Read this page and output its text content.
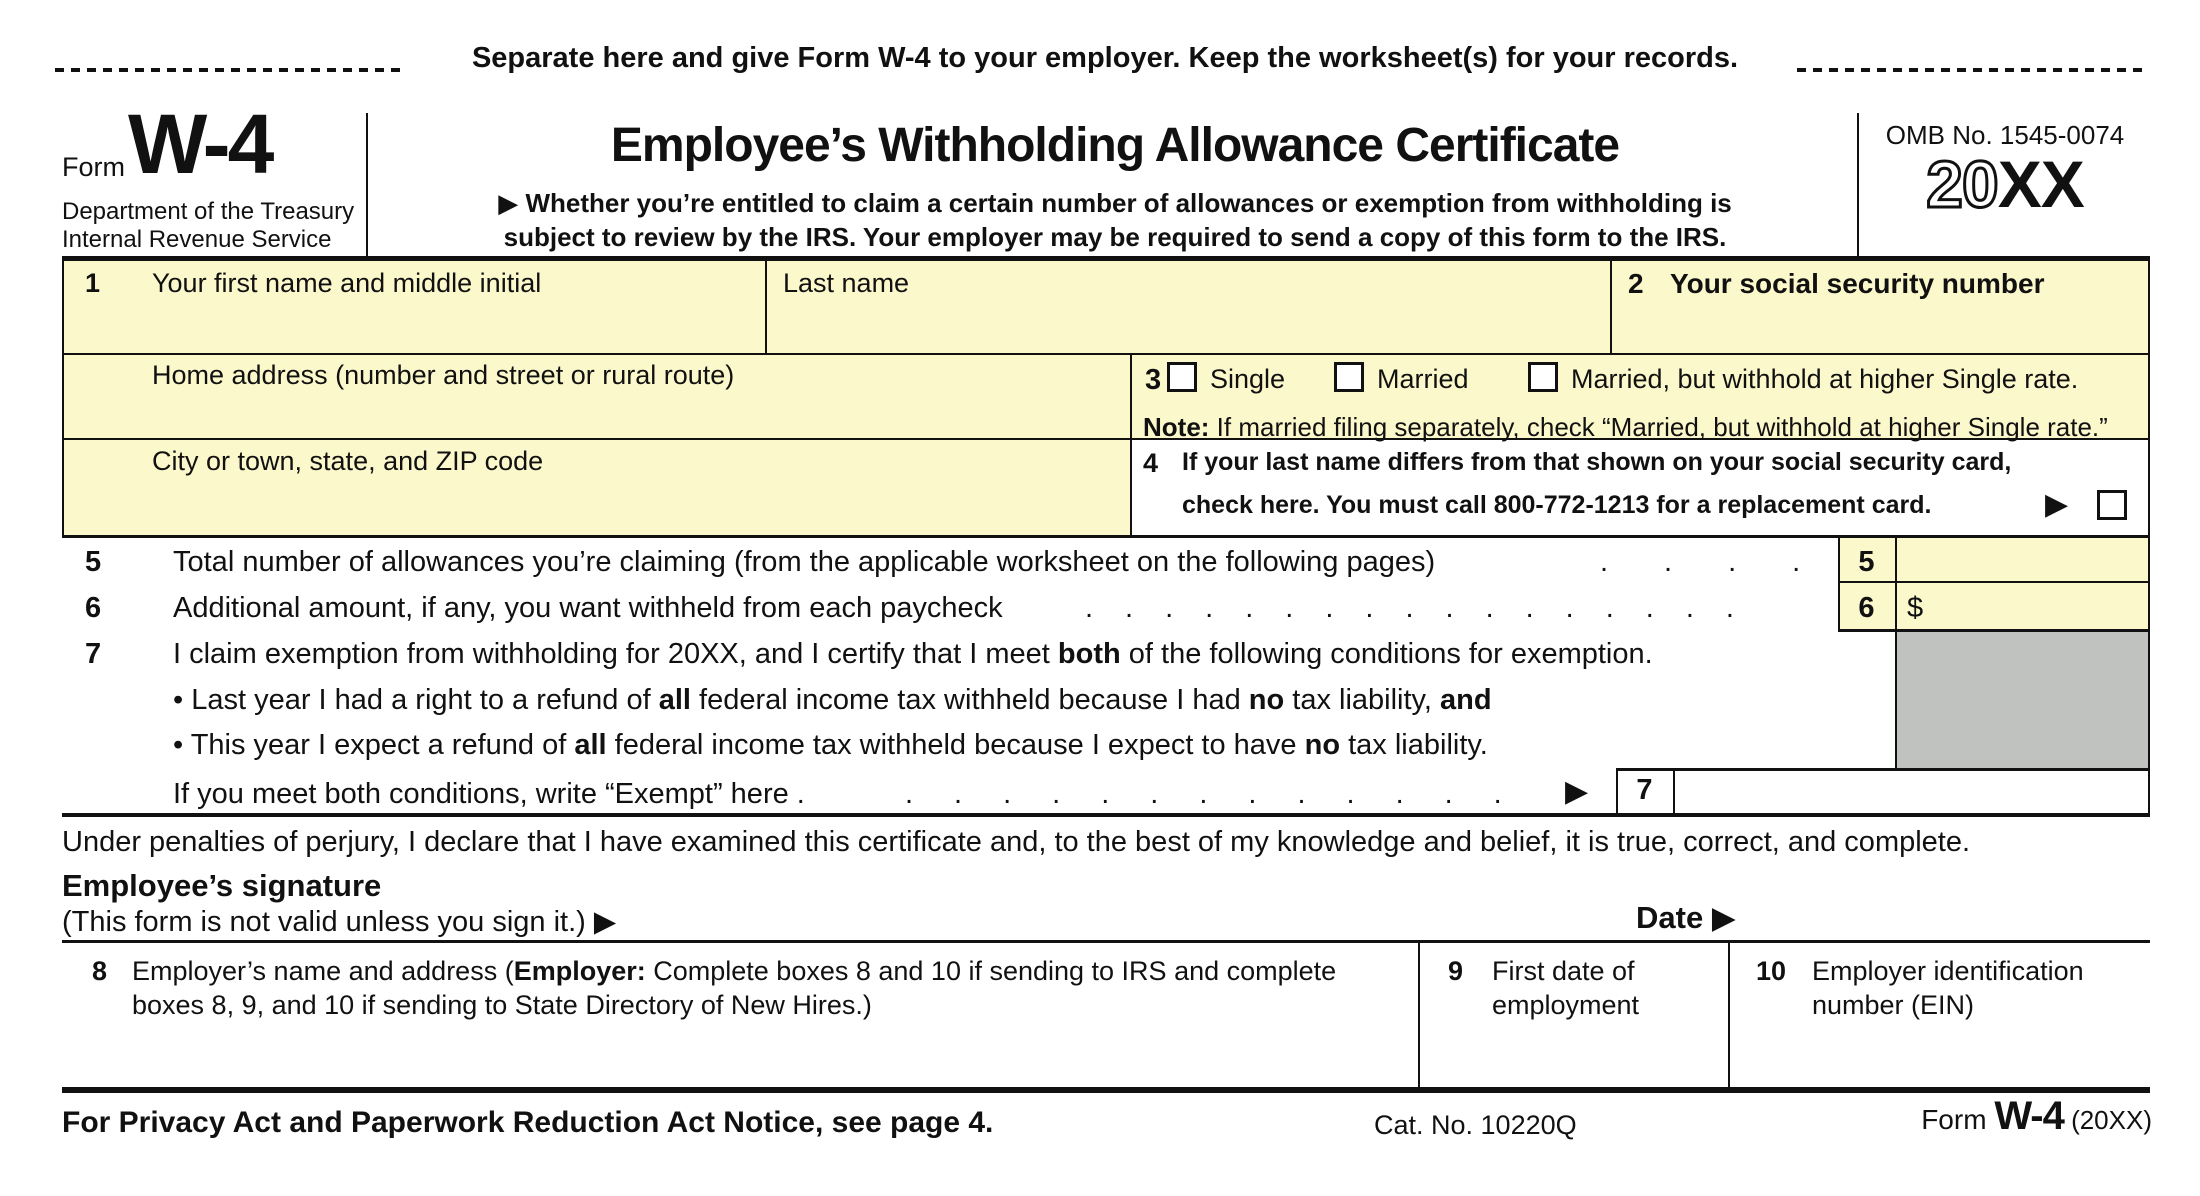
Separate here and give Form W-4 to your employer. Keep the worksheet(s) for your records.
Form W-4
Department of the Treasury
Internal Revenue Service
Employee’s Withholding Allowance Certificate
▶ Whether you’re entitled to claim a certain number of allowances or exemption from withholding is
subject to review by the IRS. Your employer may be required to send a copy of this form to the IRS.
OMB No. 1545-0074
20XX
1 Your first name and middle initial	Last name	2 Your social security number
Home address (number and street or rural route)	3 Single	Married	Married, but withhold at higher Single rate.
Note: If married filing separately, check “Married, but withhold at higher Single rate.”
City or town, state, and ZIP code	4 If your last name differs from that shown on your social security card,
check here. You must call 800-772-1213 for a replacement card.	▶
5 Total number of allowances you’re claiming (from the applicable worksheet on the following pages)	.... 5
6 Additional amount, if any, you want withheld from each paycheck	.................	6	$
7 I claim exemption from withholding for 20XX, and I certify that I meet both of the following conditions for exemption.
• Last year I had a right to a refund of all federal income tax withheld because I had no tax liability, and
• This year I expect a refund of all federal income tax withheld because I expect to have no tax liability.
If you meet both conditions, write “Exempt” here .	............. ▶	7
Under penalties of perjury, I declare that I have examined this certificate and, to the best of my knowledge and belief, it is true, correct, and complete.
Employee’s signature
(This form is not valid unless you sign it.) ▶	Date ▶
8 Employer’s name and address (Employer: Complete boxes 8 and 10 if sending to IRS and complete
boxes 8, 9, and 10 if sending to State Directory of New Hires.)
9 First date of
employment
10 Employer identification
number (EIN)
For Privacy Act and Paperwork Reduction Act Notice, see page 4.	Cat. No. 10220Q	Form W-4 (20XX)
